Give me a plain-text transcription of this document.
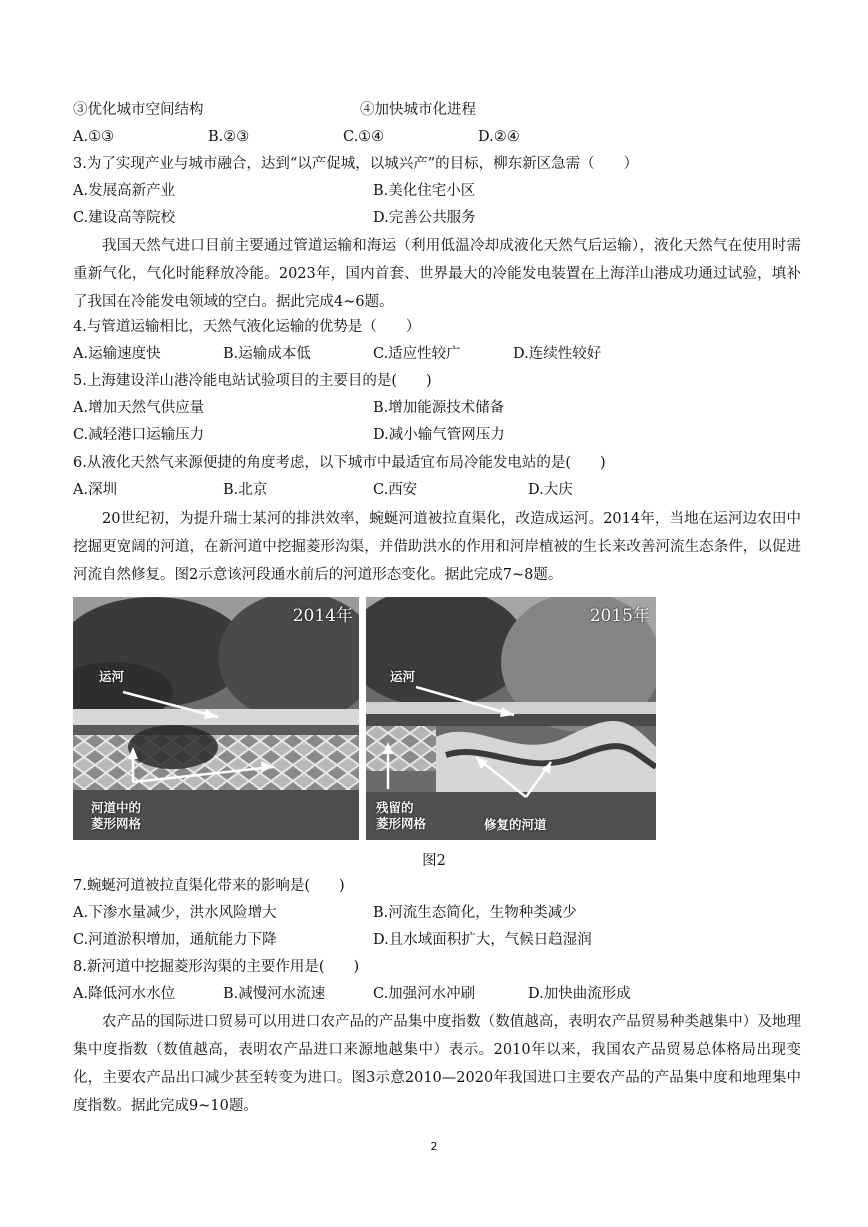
③优化城市空间结构	④加快城市化进程
A.①③	B.②③	C.①④	D.②④
3.为了实现产业与城市融合，达到“以产促城，以城兴产”的目标，柳东新区急需（　　）
A.发展高新产业	B.美化住宅小区
C.建设高等院校	D.完善公共服务
我国天然气进口目前主要通过管道运输和海运（利用低温冷却成液化天然气后运输），液化天然气在使用时需重新气化，气化时能释放冷能。2023年，国内首套、世界最大的冷能发电装置在上海洋山港成功通过试验，填补了我国在冷能发电领域的空白。据此完成4~6题。
4.与管道运输相比，天然气液化运输的优势是（　　）
A.运输速度快	B.运输成本低	C.适应性较广	D.连续性较好
5.上海建设洋山港冷能电站试验项目的主要目的是(　　)
A.增加天然气供应量	B.增加能源技术储备
C.减轻港口运输压力	D.减小输气管网压力
6.从液化天然气来源便捷的角度考虑，以下城市中最适宜布局冷能发电站的是(　　)
A.深圳	B.北京	C.西安	D.大庆
20世纪初，为提升瑞士某河的排洪效率，蜿蜒河道被拉直渠化，改造成运河。2014年，当地在运河边农田中挖掘更宽阔的河道，在新河道中挖掘菱形沟渠，并借助洪水的作用和河岸植被的生长来改善河流生态条件，以促进河流自然修复。图2示意该河段通水前后的河道形态变化。据此完成7~8题。
2014年
运河
河道中的
菱形网格
2015年
运河
残留的
菱形网格	修复的河道
图2
7.蜿蜒河道被拉直渠化带来的影响是(　　)
A.下渗水量减少，洪水风险增大	B.河流生态简化，生物种类减少
C.河道淤积增加，通航能力下降	D.且水域面积扩大，气候日趋湿润
8.新河道中挖掘菱形沟渠的主要作用是(　　)
A.降低河水水位	B.减慢河水流速	C.加强河水冲刷	D.加快曲流形成
农产品的国际进口贸易可以用进口农产品的产品集中度指数（数值越高，表明农产品贸易种类越集中）及地理集中度指数（数值越高，表明农产品进口来源地越集中）表示。2010年以来，我国农产品贸易总体格局出现变化，主要农产品出口减少甚至转变为进口。图3示意2010—2020年我国进口主要农产品的产品集中度和地理集中度指数。据此完成9~10题。
2
